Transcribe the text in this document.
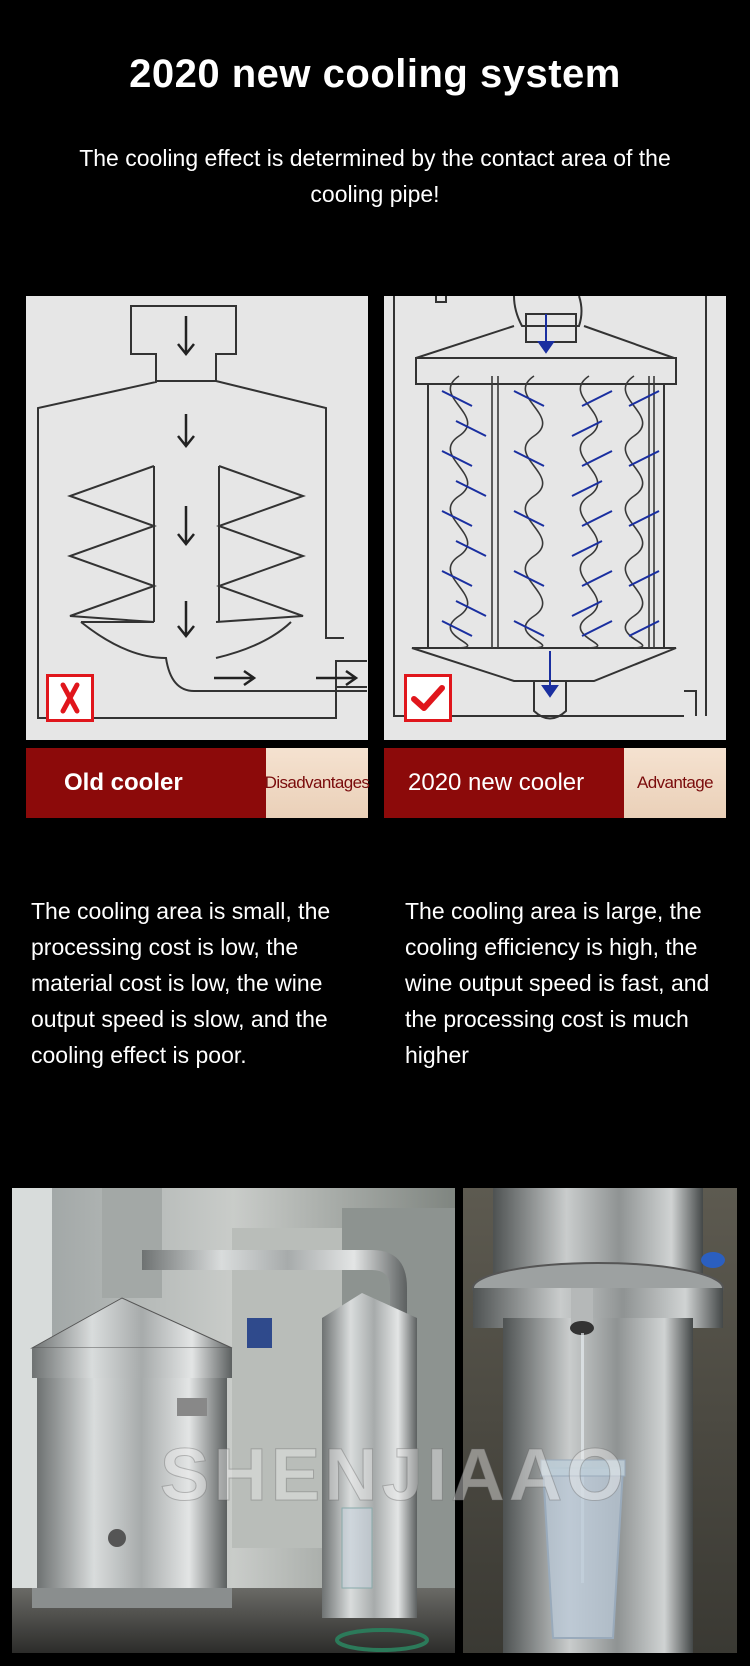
2020 new cooling system
The cooling effect is determined by the contact area of the cooling pipe!
Old cooler	Disadvantages	2020 new cooler	Advantage
The cooling area is small, the processing cost is low, the material cost is low, the wine output speed is slow, and the cooling effect is poor.
The cooling area is large, the cooling efficiency is high, the wine output speed is fast, and the processing cost is much higher
SHENJIAAO
